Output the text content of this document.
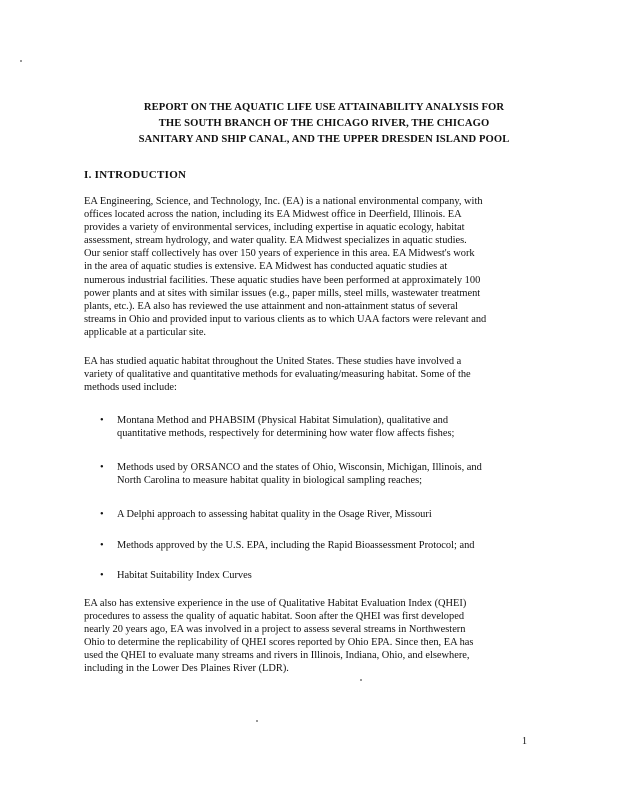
REPORT ON THE AQUATIC LIFE USE ATTAINABILITY ANALYSIS FOR
THE SOUTH BRANCH OF THE CHICAGO RIVER, THE CHICAGO
SANITARY AND SHIP CANAL, AND THE UPPER DRESDEN ISLAND POOL
I. INTRODUCTION
EA Engineering, Science, and Technology, Inc. (EA) is a national environmental company, with
offices located across the nation, including its EA Midwest office in Deerfield, Illinois. EA
provides a variety of environmental services, including expertise in aquatic ecology, habitat
assessment, stream hydrology, and water quality. EA Midwest specializes in aquatic studies.
Our senior staff collectively has over 150 years of experience in this area. EA Midwest's work
in the area of aquatic studies is extensive. EA Midwest has conducted aquatic studies at
numerous industrial facilities. These aquatic studies have been performed at approximately 100
power plants and at sites with similar issues (e.g., paper mills, steel mills, wastewater treatment
plants, etc.). EA also has reviewed the use attainment and non-attainment status of several
streams in Ohio and provided input to various clients as to which UAA factors were relevant and
applicable at a particular site.
EA has studied aquatic habitat throughout the United States. These studies have involved a
variety of qualitative and quantitative methods for evaluating/measuring habitat. Some of the
methods used include:
• Montana Method and PHABSIM (Physical Habitat Simulation), qualitative and
quantitative methods, respectively for determining how water flow affects fishes;
• Methods used by ORSANCO and the states of Ohio, Wisconsin, Michigan, Illinois, and
North Carolina to measure habitat quality in biological sampling reaches;
• A Delphi approach to assessing habitat quality in the Osage River, Missouri
• Methods approved by the U.S. EPA, including the Rapid Bioassessment Protocol; and
• Habitat Suitability Index Curves
EA also has extensive experience in the use of Qualitative Habitat Evaluation Index (QHEI)
procedures to assess the quality of aquatic habitat. Soon after the QHEI was first developed
nearly 20 years ago, EA was involved in a project to assess several streams in Northwestern
Ohio to determine the replicability of QHEI scores reported by Ohio EPA. Since then, EA has
used the QHEI to evaluate many streams and rivers in Illinois, Indiana, Ohio, and elsewhere,
including in the Lower Des Plaines River (LDR).
1
